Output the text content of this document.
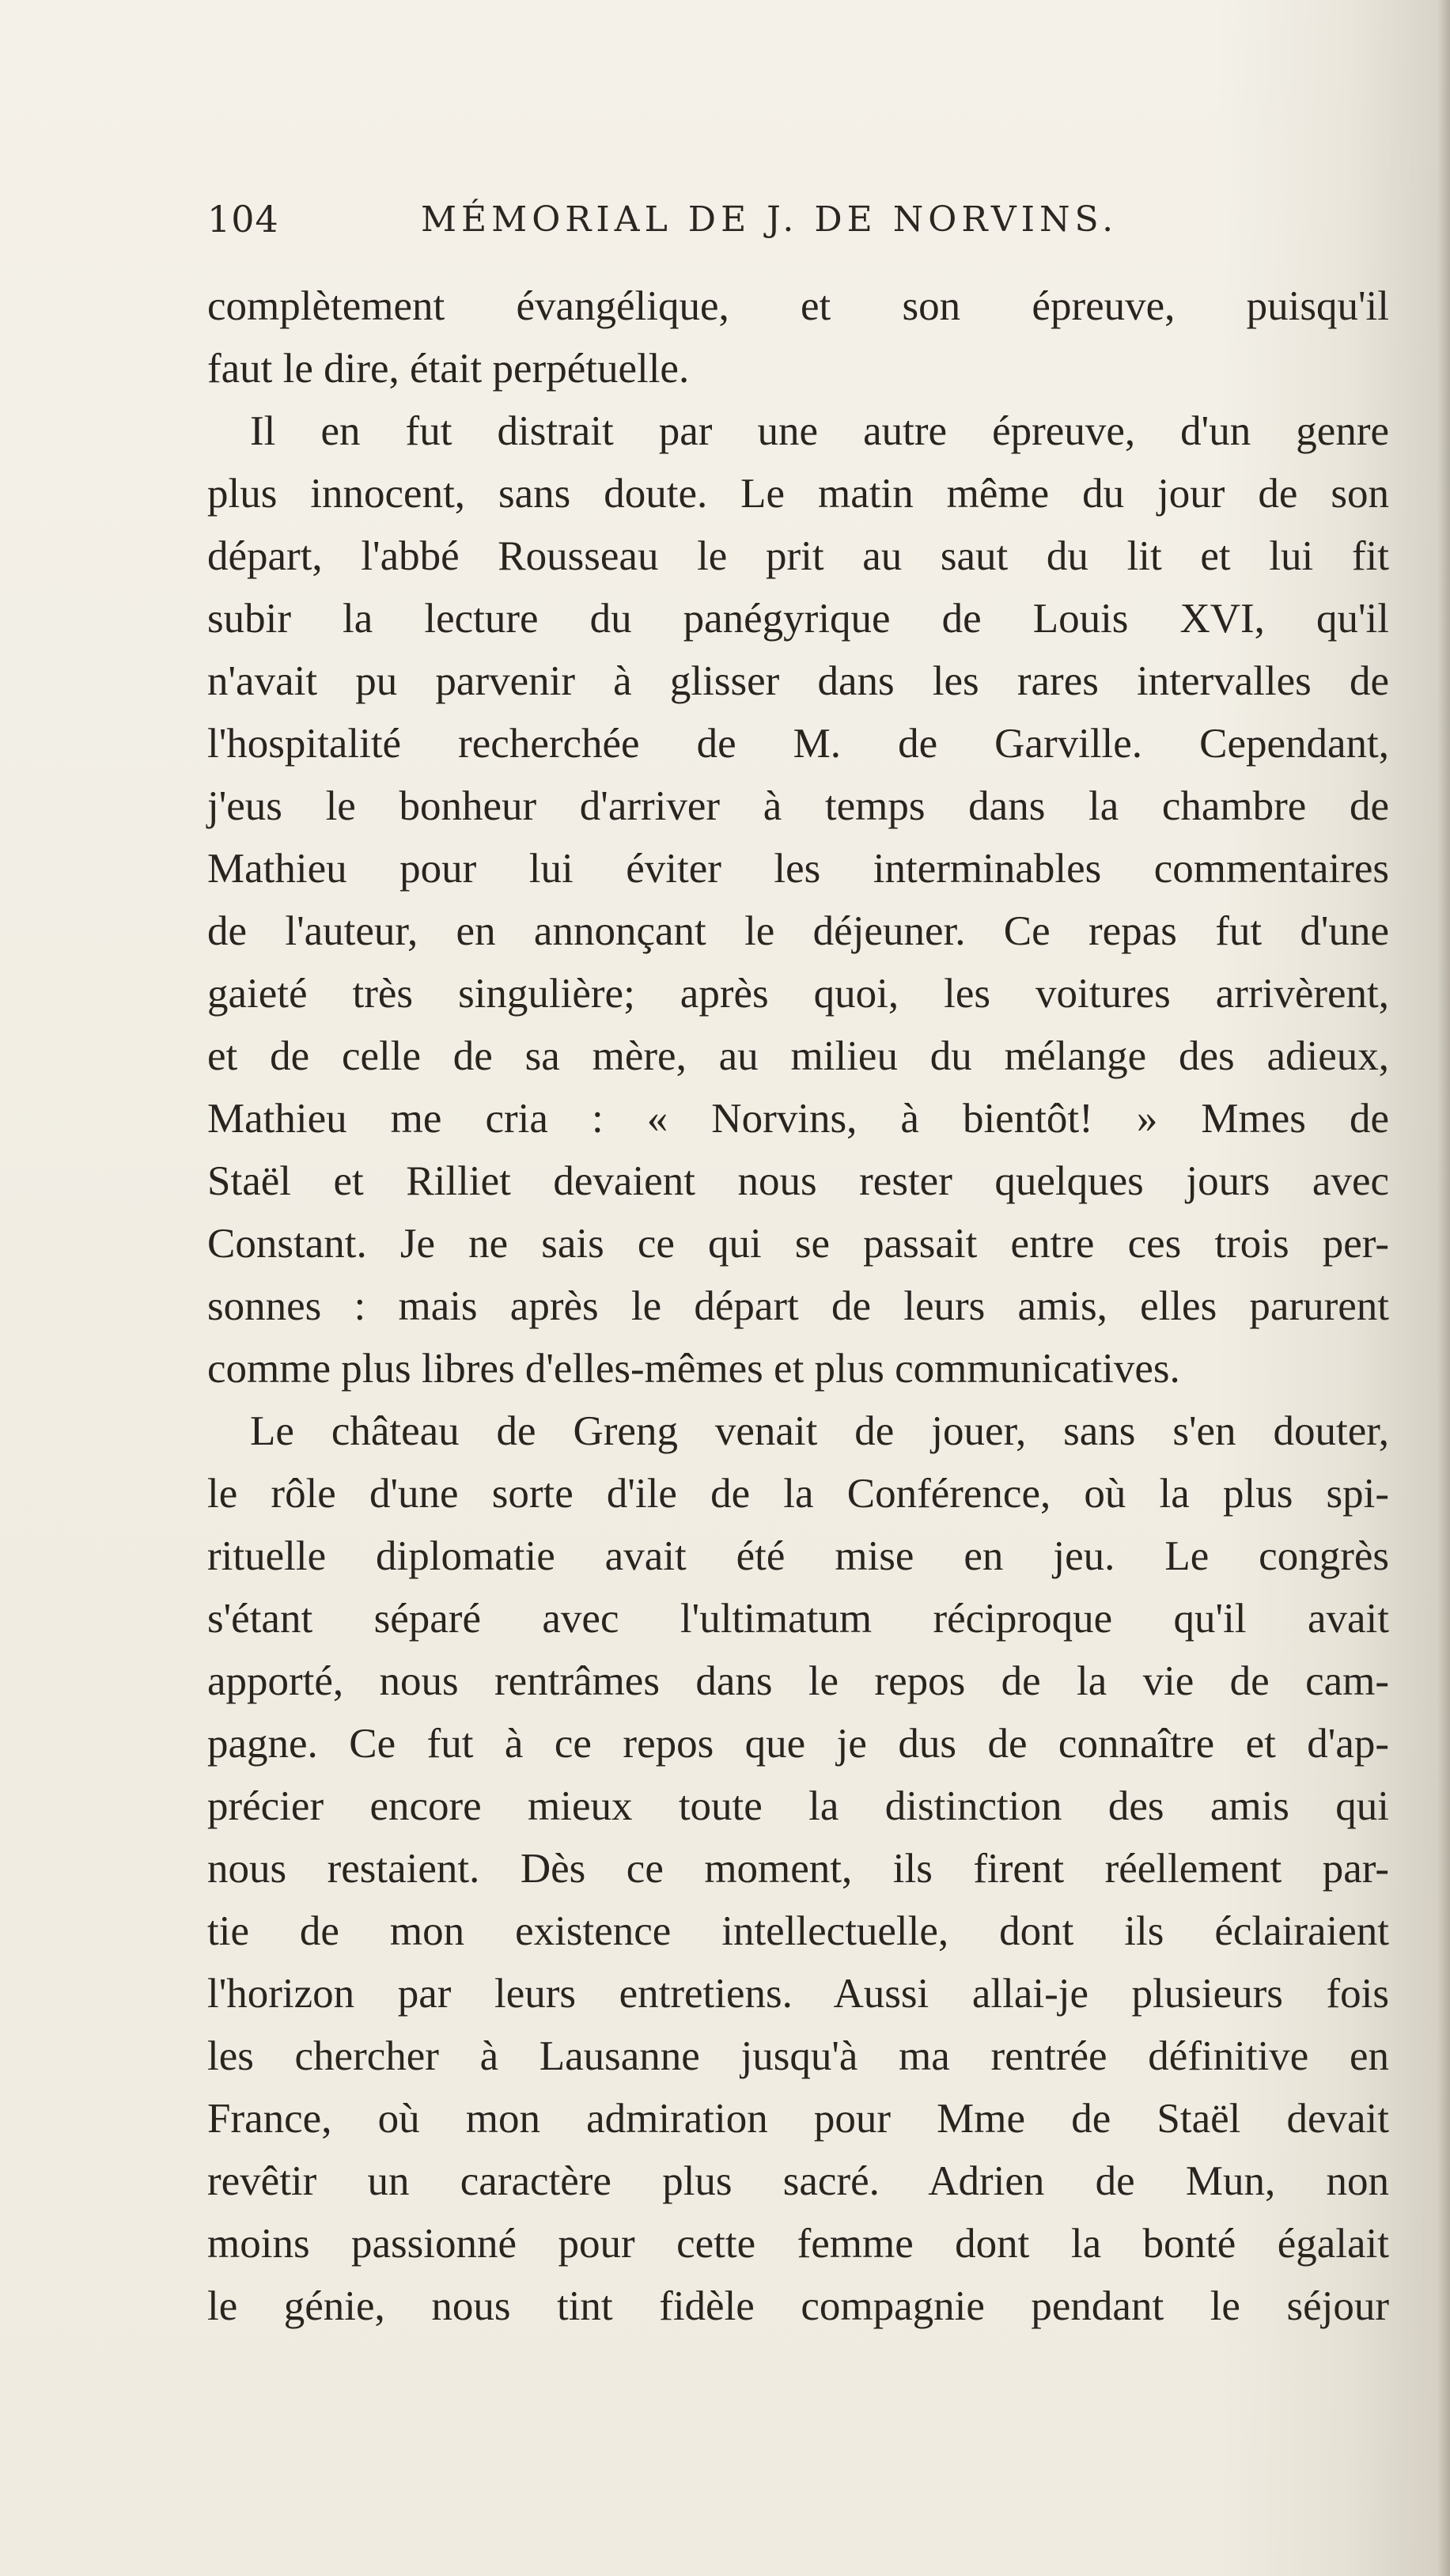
104	MÉMORIAL DE J. DE NORVINS.
complètement évangélique, et son épreuve, puisqu'il
faut le dire, était perpétuelle.
Il en fut distrait par une autre épreuve, d'un genre
plus innocent, sans doute. Le matin même du jour de son
départ, l'abbé Rousseau le prit au saut du lit et lui fit
subir la lecture du panégyrique de Louis XVI, qu'il
n'avait pu parvenir à glisser dans les rares intervalles de
l'hospitalité recherchée de M. de Garville. Cependant,
j'eus le bonheur d'arriver à temps dans la chambre de
Mathieu pour lui éviter les interminables commentaires
de l'auteur, en annonçant le déjeuner. Ce repas fut d'une
gaieté très singulière; après quoi, les voitures arrivèrent,
et de celle de sa mère, au milieu du mélange des adieux,
Mathieu me cria : « Norvins, à bientôt! » Mmes de
Staël et Rilliet devaient nous rester quelques jours avec
Constant. Je ne sais ce qui se passait entre ces trois per-
sonnes : mais après le départ de leurs amis, elles parurent
comme plus libres d'elles-mêmes et plus communicatives.
Le château de Greng venait de jouer, sans s'en douter,
le rôle d'une sorte d'ile de la Conférence, où la plus spi-
rituelle diplomatie avait été mise en jeu. Le congrès
s'étant séparé avec l'ultimatum réciproque qu'il avait
apporté, nous rentrâmes dans le repos de la vie de cam-
pagne. Ce fut à ce repos que je dus de connaître et d'ap-
précier encore mieux toute la distinction des amis qui
nous restaient. Dès ce moment, ils firent réellement par-
tie de mon existence intellectuelle, dont ils éclairaient
l'horizon par leurs entretiens. Aussi allai-je plusieurs fois
les chercher à Lausanne jusqu'à ma rentrée définitive en
France, où mon admiration pour Mme de Staël devait
revêtir un caractère plus sacré. Adrien de Mun, non
moins passionné pour cette femme dont la bonté égalait
le génie, nous tint fidèle compagnie pendant le séjour
